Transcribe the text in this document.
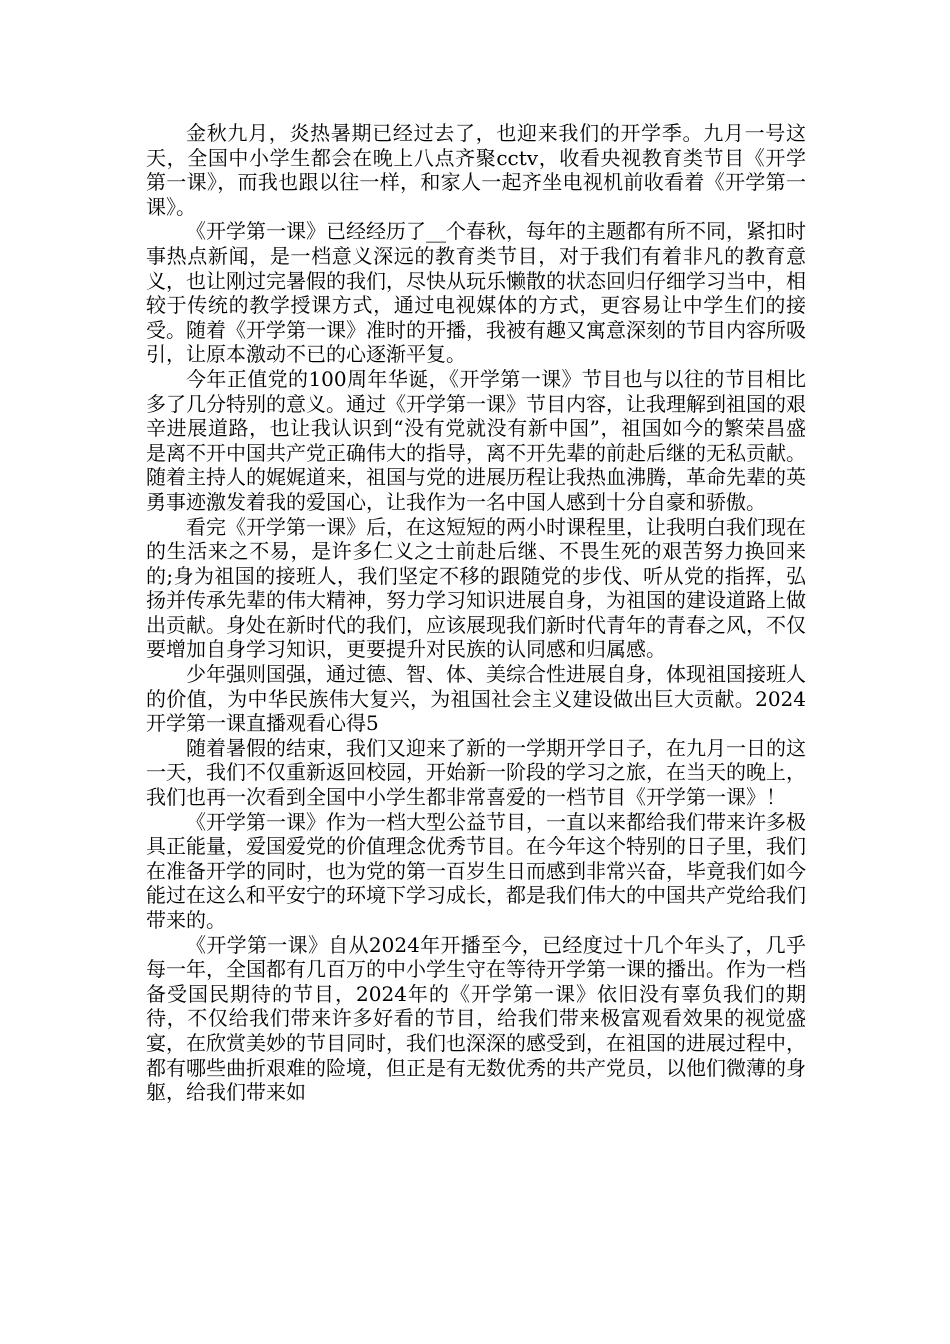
金秋九月，炎热暑期已经过去了，也迎来我们的开学季。九月一号这天，全国中小学生都会在晚上八点齐聚cctv，收看央视教育类节目《开学第一课》，而我也跟以往一样，和家人一起齐坐电视机前收看着《开学第一课》。

《开学第一课》已经经历了__个春秋，每年的主题都有所不同，紧扣时事热点新闻，是一档意义深远的教育类节目，对于我们有着非凡的教育意义，也让刚过完暑假的我们，尽快从玩乐懒散的状态回归仔细学习当中，相较于传统的教学授课方式，通过电视媒体的方式，更容易让中学生们的接受。随着《开学第一课》准时的开播，我被有趣又寓意深刻的节目内容所吸引，让原本激动不已的心逐渐平复。

今年正值党的100周年华诞，《开学第一课》节目也与以往的节目相比多了几分特别的意义。通过《开学第一课》节目内容，让我理解到祖国的艰辛进展道路，也让我认识到“没有党就没有新中国”，祖国如今的繁荣昌盛是离不开中国共产党正确伟大的指导，离不开先辈的前赴后继的无私贡献。随着主持人的娓娓道来，祖国与党的进展历程让我热血沸腾，革命先辈的英勇事迹激发着我的爱国心，让我作为一名中国人感到十分自豪和骄傲。

看完《开学第一课》后，在这短短的两小时课程里，让我明白我们现在的生活来之不易，是许多仁义之士前赴后继、不畏生死的艰苦努力换回来的;身为祖国的接班人，我们坚定不移的跟随党的步伐、听从党的指挥，弘扬并传承先辈的伟大精神，努力学习知识进展自身，为祖国的建设道路上做出贡献。身处在新时代的我们，应该展现我们新时代青年的青春之风，不仅要增加自身学习知识，更要提升对民族的认同感和归属感。

少年强则国强，通过德、智、体、美综合性进展自身，体现祖国接班人的价值，为中华民族伟大复兴，为祖国社会主义建设做出巨大贡献。2024开学第一课直播观看心得5

随着暑假的结束，我们又迎来了新的一学期开学日子，在九月一日的这一天，我们不仅重新返回校园，开始新一阶段的学习之旅，在当天的晚上，我们也再一次看到全国中小学生都非常喜爱的一档节目《开学第一课》！

《开学第一课》作为一档大型公益节目，一直以来都给我们带来许多极具正能量，爱国爱党的价值理念优秀节目。在今年这个特别的日子里，我们在准备开学的同时，也为党的第一百岁生日而感到非常兴奋，毕竟我们如今能过在这么和平安宁的环境下学习成长，都是我们伟大的中国共产党给我们带来的。

《开学第一课》自从2024年开播至今，已经度过十几个年头了，几乎每一年，全国都有几百万的中小学生守在等待开学第一课的播出。作为一档备受国民期待的节目，2024年的《开学第一课》依旧没有辜负我们的期待，不仅给我们带来许多好看的节目，给我们带来极富观看效果的视觉盛宴，在欣赏美妙的节目同时，我们也深深的感受到，在祖国的进展过程中，都有哪些曲折艰难的险境，但正是有无数优秀的共产党员，以他们微薄的身躯，给我们带来如
